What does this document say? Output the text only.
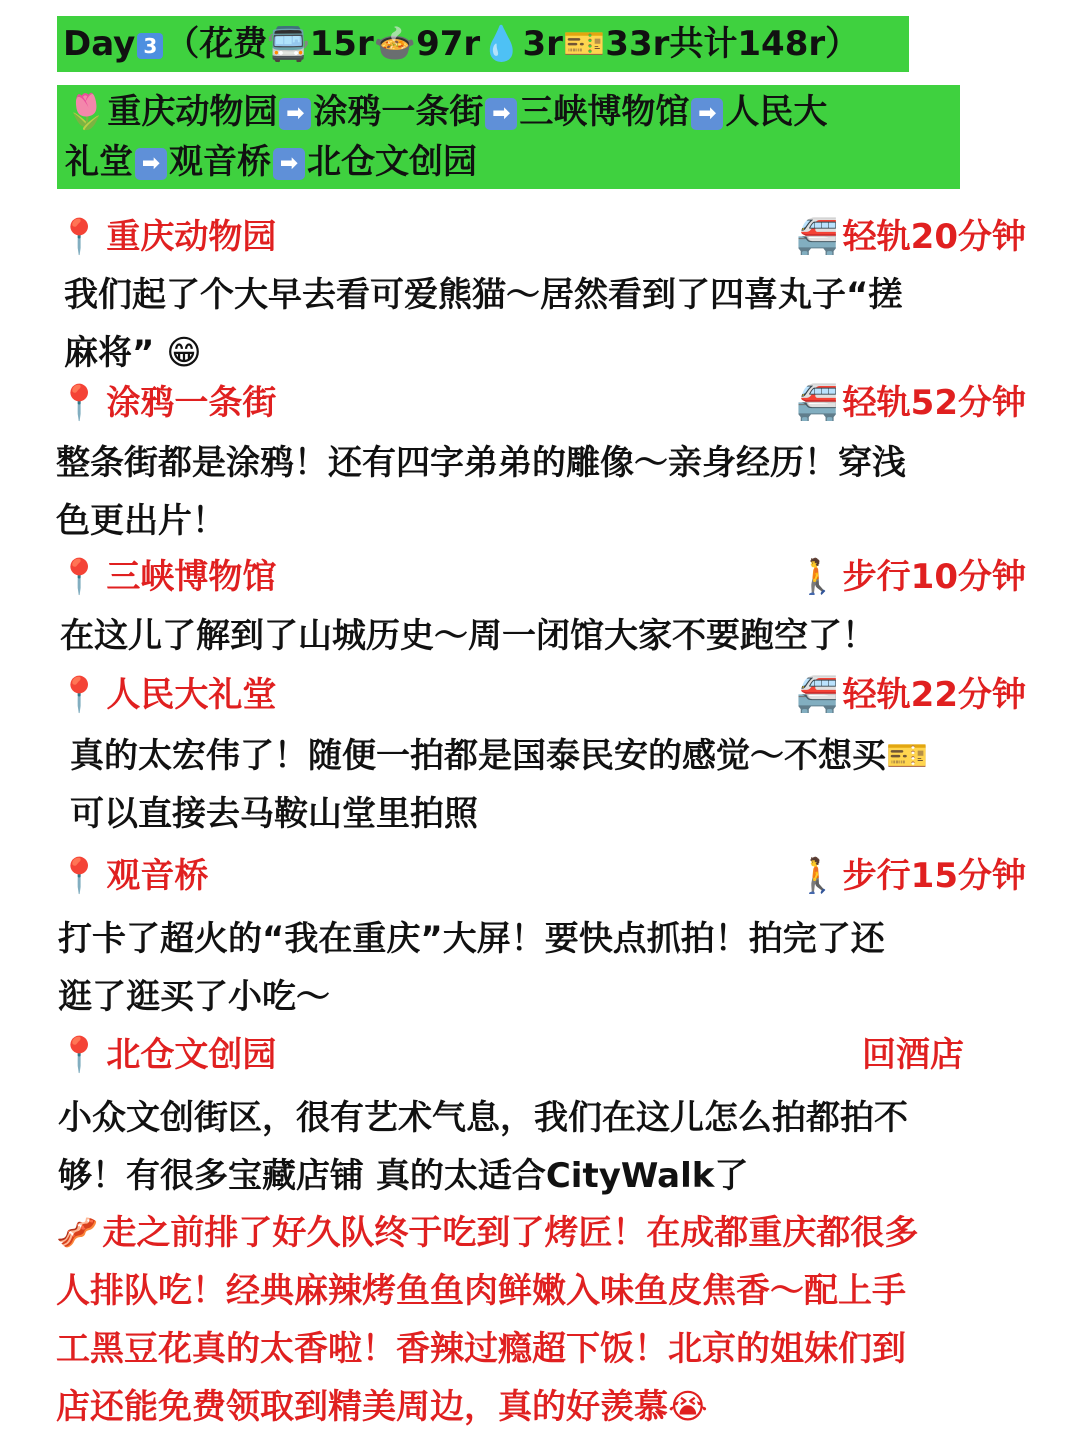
Day 3 （花费🚍15r🍲97r💧3r🎫33r共计148r）
🌷重庆动物园 ➡ 涂鸦一条街 ➡ 三峡博物馆 ➡ 人民大
礼堂 ➡ 观音桥 ➡ 北仓文创园
📍 重庆动物园	🚝 轻轨20分钟
我们起了个大早去看可爱熊猫～居然看到了四喜丸子“搓
麻将” 😁
📍 涂鸦一条街	🚝 轻轨52分钟
整条街都是涂鸦！还有四字弟弟的雕像～亲身经历！穿浅
色更出片！
📍 三峡博物馆	🚶 步行10分钟
在这儿了解到了山城历史～周一闭馆大家不要跑空了！
📍 人民大礼堂	🚝 轻轨22分钟
真的太宏伟了！随便一拍都是国泰民安的感觉～不想买🎫
可以直接去马鞍山堂里拍照
📍 观音桥	🚶 步行15分钟
打卡了超火的“我在重庆”大屏！要快点抓拍！拍完了还
逛了逛买了小吃～
📍 北仓文创园	回酒店
小众文创街区，很有艺术气息，我们在这儿怎么拍都拍不
够！有很多宝藏店铺 真的太适合CityWalk了
🥓 走之前排了好久队终于吃到了烤匠！在成都重庆都很多
人排队吃！经典麻辣烤鱼鱼肉鲜嫩入味鱼皮焦香～配上手
工黑豆花真的太香啦！香辣过瘾超下饭！北京的姐妹们到
店还能免费领取到精美周边，真的好羡慕😭
